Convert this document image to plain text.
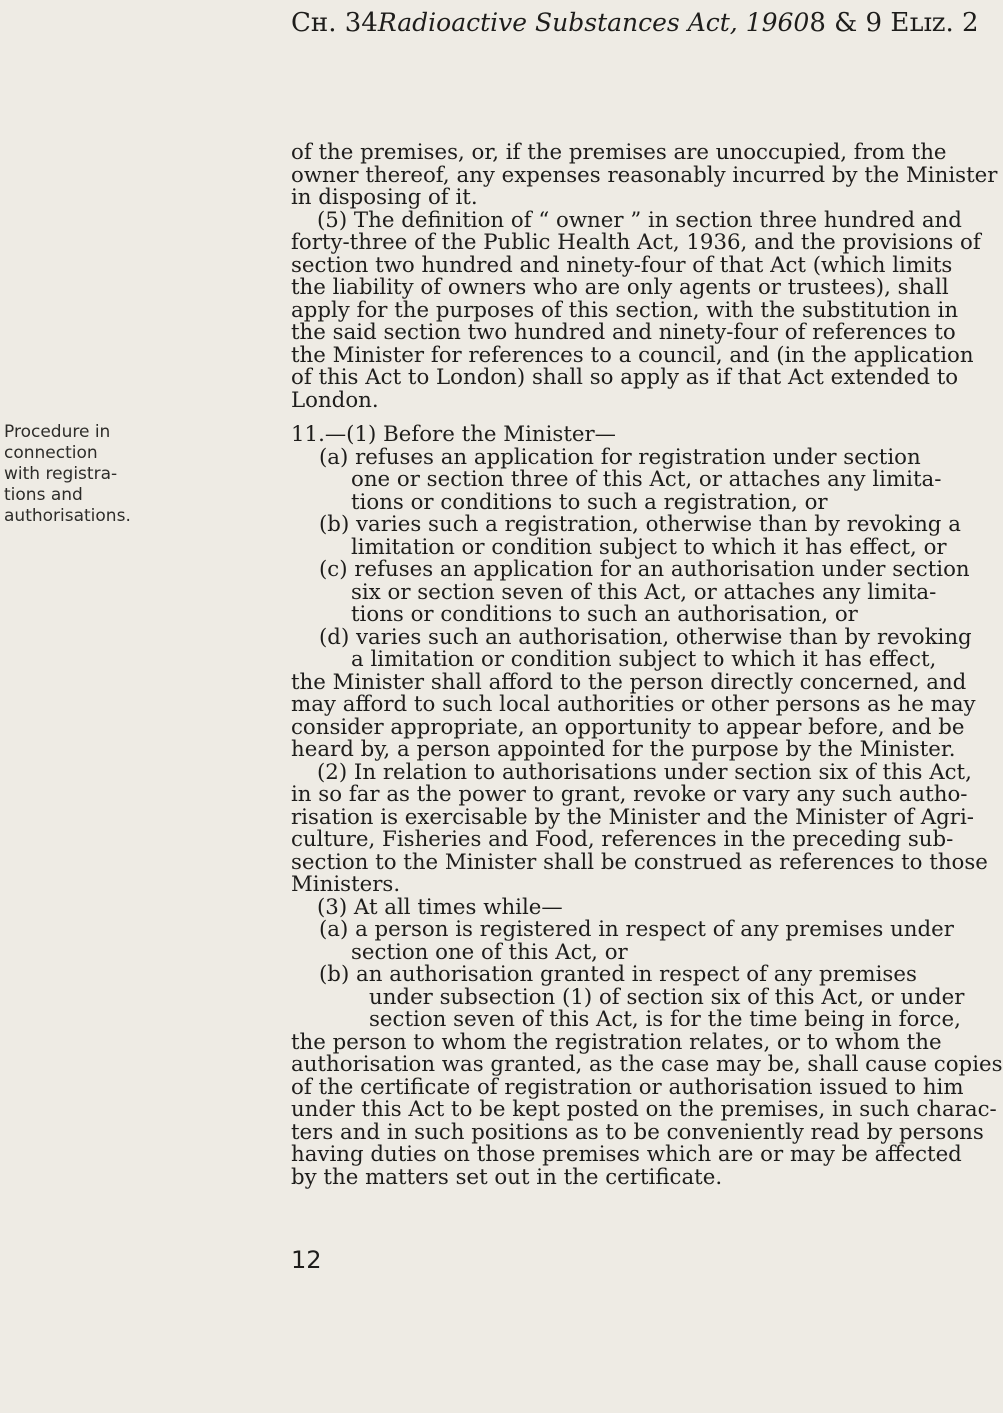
Cʜ. 34 Radioactive Substances Act, 1960 8 & 9 Eʟɪᴢ. 2
Procedure in
connection
with registra-
tions and
authorisations.
of the premises, or, if the premises are unoccupied, from the
owner thereof, any expenses reasonably incurred by the Minister
in disposing of it.
(5) The definition of “ owner ” in section three hundred and
forty-three of the Public Health Act, 1936, and the provisions of
section two hundred and ninety-four of that Act (which limits
the liability of owners who are only agents or trustees), shall
apply for the purposes of this section, with the substitution in
the said section two hundred and ninety-four of references to
the Minister for references to a council, and (in the application
of this Act to London) shall so apply as if that Act extended to
London.
11.—(1) Before the Minister—
(a) refuses an application for registration under section
one or section three of this Act, or attaches any limita-
tions or conditions to such a registration, or
(b) varies such a registration, otherwise than by revoking a
limitation or condition subject to which it has effect, or
(c) refuses an application for an authorisation under section
six or section seven of this Act, or attaches any limita-
tions or conditions to such an authorisation, or
(d) varies such an authorisation, otherwise than by revoking
a limitation or condition subject to which it has effect,
the Minister shall afford to the person directly concerned, and
may afford to such local authorities or other persons as he may
consider appropriate, an opportunity to appear before, and be
heard by, a person appointed for the purpose by the Minister.
(2) In relation to authorisations under section six of this Act,
in so far as the power to grant, revoke or vary any such autho-
risation is exercisable by the Minister and the Minister of Agri-
culture, Fisheries and Food, references in the preceding sub-
section to the Minister shall be construed as references to those
Ministers.
(3) At all times while—
(a) a person is registered in respect of any premises under
section one of this Act, or
(b) an authorisation granted in respect of any premises
under subsection (1) of section six of this Act, or under
section seven of this Act, is for the time being in force,
the person to whom the registration relates, or to whom the
authorisation was granted, as the case may be, shall cause copies
of the certificate of registration or authorisation issued to him
under this Act to be kept posted on the premises, in such charac-
ters and in such positions as to be conveniently read by persons
having duties on those premises which are or may be affected
by the matters set out in the certificate.
12
